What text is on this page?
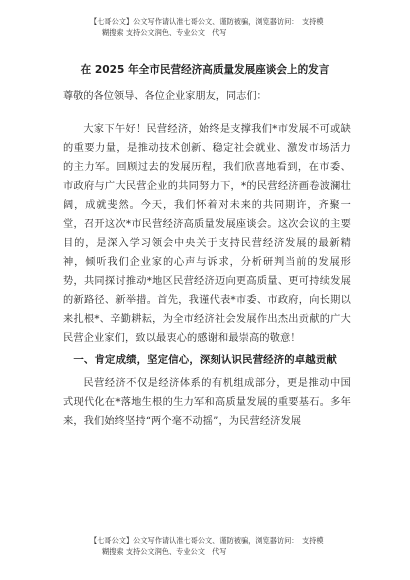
【七哥公文】公文写作请认准七哥公文、谨防被骗，浏览器访问：　支持模
糊搜索 支持公文润色、专业公文　代写
在 2025 年全市民营经济高质量发展座谈会上的发言
尊敬的各位领导、各位企业家朋友，同志们：

大家下午好！民营经济，始终是支撑我们*市发展不可或缺的重要力量，是推动技术创新、稳定社会就业、激发市场活力的主力军。回顾过去的发展历程，我们欣喜地看到，在市委、市政府与广大民营企业的共同努力下，*的民营经济画卷波澜壮阔，成就斐然。今天，我们怀着对未来的共同期许，齐聚一堂，召开这次*市民营经济高质量发展座谈会。这次会议的主要目的，是深入学习领会中央关于支持民营经济发展的最新精神，倾听我们企业家的心声与诉求，分析研判当前的发展形势，共同探讨推动*地区民营经济迈向更高质量、更可持续发展的新路径、新举措。首先，我谨代表*市委、市政府，向长期以来扎根*、辛勤耕耘，为全市经济社会发展作出杰出贡献的广大民营企业家们，致以最衷心的感谢和最崇高的敬意！

一、肯定成绩，坚定信心，深刻认识民营经济的卓越贡献

民营经济不仅是经济体系的有机组成部分，更是推动中国式现代化在*落地生根的生力军和高质量发展的重要基石。多年来，我们始终坚持“两个毫不动摇”，为民营经济发展

【七哥公文】公文写作请认准七哥公文、谨防被骗，浏览器访问：　支持模
糊搜索 支持公文润色、专业公文　代写
